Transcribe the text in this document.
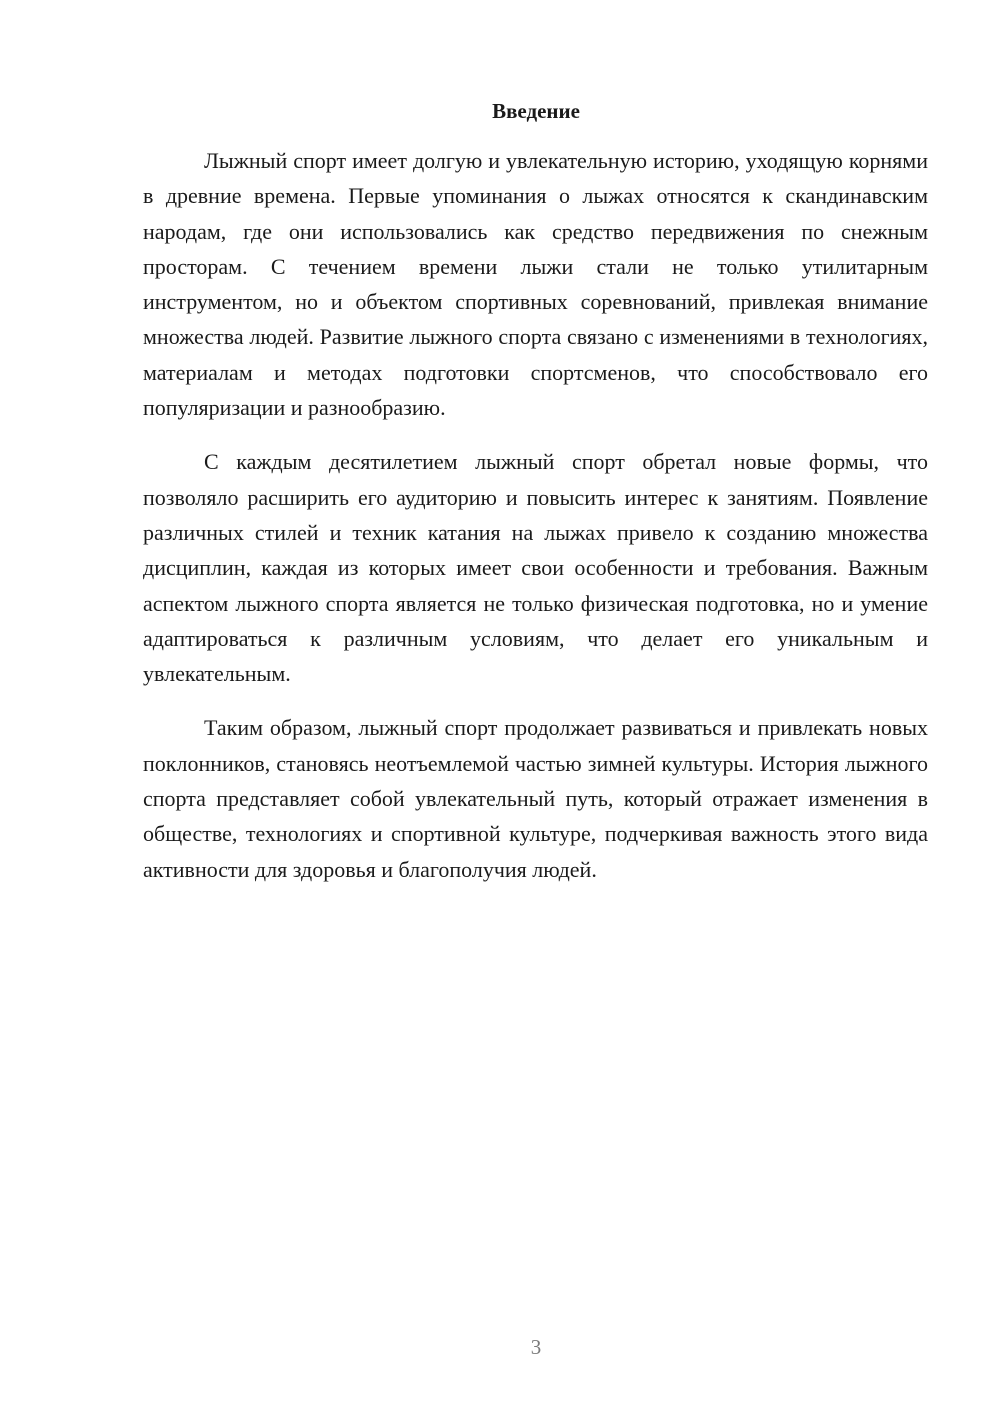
Введение

Лыжный спорт имеет долгую и увлекательную историю, уходящую корнями в древние времена. Первые упоминания о лыжах относятся к скандинавским народам, где они использовались как средство передвижения по снежным просторам. С течением времени лыжи стали не только утилитарным инструментом, но и объектом спортивных соревнований, привлекая внимание множества людей. Развитие лыжного спорта связано с изменениями в технологиях, материалам и методах подготовки спортсменов, что способствовало его популяризации и разнообразию.

С каждым десятилетием лыжный спорт обретал новые формы, что позволяло расширить его аудиторию и повысить интерес к занятиям. Появление различных стилей и техник катания на лыжах привело к созданию множества дисциплин, каждая из которых имеет свои особенности и требования. Важным аспектом лыжного спорта является не только физическая подготовка, но и умение адаптироваться к различным условиям, что делает его уникальным и увлекательным.

Таким образом, лыжный спорт продолжает развиваться и привлекать новых поклонников, становясь неотъемлемой частью зимней культуры. История лыжного спорта представляет собой увлекательный путь, который отражает изменения в обществе, технологиях и спортивной культуре, подчеркивая важность этого вида активности для здоровья и благополучия людей.

3
